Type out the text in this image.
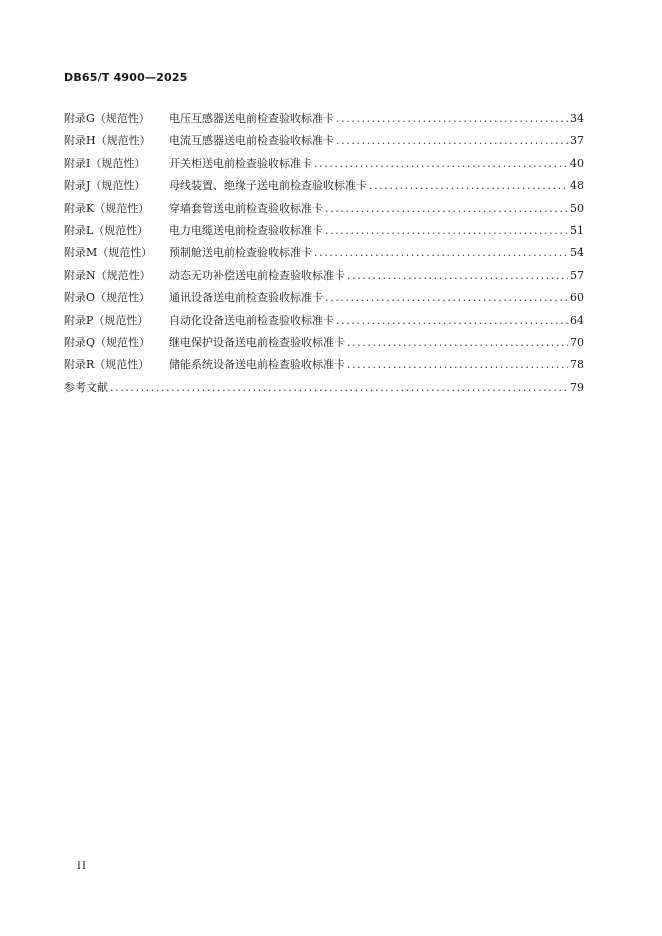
DB65/T 4900—2025
附录G（规范性）	电压互感器送电前检查验收标准卡 .....	34
附录H（规范性）	电流互感器送电前检查验收标准卡 .....	37
附录I（规范性）	开关柜送电前检查验收标准卡 .....	40
附录J（规范性）	母线装置、绝缘子送电前检查验收标准卡 .....	48
附录K（规范性）	穿墙套管送电前检查验收标准卡 .....	50
附录L（规范性）	电力电缆送电前检查验收标准卡 .....	51
附录M（规范性）	预制舱送电前检查验收标准卡 .....	54
附录N（规范性）	动态无功补偿送电前检查验收标准卡 .....	57
附录O（规范性）	通讯设备送电前检查验收标准卡 .....	60
附录P（规范性）	自动化设备送电前检查验收标准卡 .....	64
附录Q（规范性）	继电保护设备送电前检查验收标准卡 .....	70
附录R（规范性）	储能系统设备送电前检查验收标准卡 .....	78
参考文献 .....	79
II
